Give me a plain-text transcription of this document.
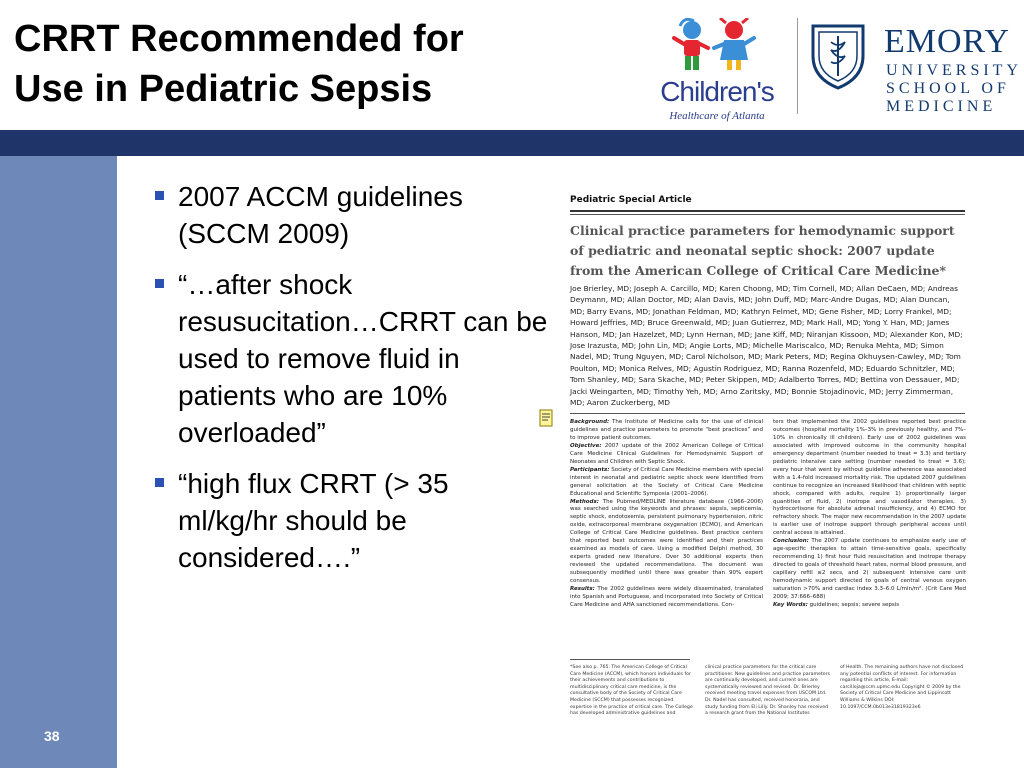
CRRT Recommended for
Use in Pediatric Sepsis	Children's
Healthcare of Atlanta
EMORY
UNIVERSITY
SCHOOL OF
MEDICINE
38
2007 ACCM guidelines (SCCM 2009)
“…after shock resusucitation…CRRT can be used to remove fluid in patients who are 10% overloaded”
“high flux CRRT (> 35 ml/kg/hr should be considered….”
Pediatric Special Article
Clinical practice parameters for hemodynamic support of pediatric and neonatal septic shock: 2007 update from the American College of Critical Care Medicine*
Joe Brierley, MD; Joseph A. Carcillo, MD; Karen Choong, MD; Tim Cornell, MD; Allan DeCaen, MD; Andreas Deymann, MD; Allan Doctor, MD; Alan Davis, MD; John Duff, MD; Marc-Andre Dugas, MD; Alan Duncan, MD; Barry Evans, MD; Jonathan Feldman, MD; Kathryn Felmet, MD; Gene Fisher, MD; Lorry Frankel, MD; Howard Jeffries, MD; Bruce Greenwald, MD; Juan Gutierrez, MD; Mark Hall, MD; Yong Y. Han, MD; James Hanson, MD; Jan Hazelzet, MD; Lynn Hernan, MD; Jane Kiff, MD; Niranjan Kissoon, MD; Alexander Kon, MD; Jose Irazusta, MD; John Lin, MD; Angie Lorts, MD; Michelle Mariscalco, MD; Renuka Mehta, MD; Simon Nadel, MD; Trung Nguyen, MD; Carol Nicholson, MD; Mark Peters, MD; Regina Okhuysen-Cawley, MD; Tom Poulton, MD; Monica Relves, MD; Agustin Rodriguez, MD; Ranna Rozenfeld, MD; Eduardo Schnitzler, MD; Tom Shanley, MD; Sara Skache, MD; Peter Skippen, MD; Adalberto Torres, MD; Bettina von Dessauer, MD; Jacki Weingarten, MD; Timothy Yeh, MD; Arno Zaritsky, MD; Bonnie Stojadinovic, MD; Jerry Zimmerman, MD; Aaron Zuckerberg, MD
Background: The Institute of Medicine calls for the use of clinical guidelines and practice parameters to promote “best practices” and to improve patient outcomes.
Objective: 2007 update of the 2002 American College of Critical Care Medicine Clinical Guidelines for Hemodynamic Support of Neonates and Children with Septic Shock.
Participants: Society of Critical Care Medicine members with special interest in neonatal and pediatric septic shock were identified from general solicitation at the Society of Critical Care Medicine Educational and Scientific Symposia (2001–2006).
Methods: The Pubmed/MEDLINE literature database (1966–2006) was searched using the keywords and phrases: sepsis, septicemia, septic shock, endotoxemia, persistent pulmonary hypertension, nitric oxide, extracorporeal membrane oxygenation (ECMO), and American College of Critical Care Medicine guidelines. Best practice centers that reported best outcomes were identified and their practices examined as models of care. Using a modified Delphi method, 30 experts graded new literature. Over 30 additional experts then reviewed the updated recommendations. The document was subsequently modified until there was greater than 90% expert consensus.
Results: The 2002 guidelines were widely disseminated, translated into Spanish and Portuguese, and incorporated into Society of Critical Care Medicine and AHA sanctioned recommendations. Con-
ters that implemented the 2002 guidelines reported best practice outcomes (hospital mortality 1%–3% in previously healthy, and 7%–10% in chronically ill children). Early use of 2002 guidelines was associated with improved outcome in the community hospital emergency department (number needed to treat = 3.3) and tertiary pediatric intensive care setting (number needed to treat = 3.6); every hour that went by without guideline adherence was associated with a 1.4-fold increased mortality risk. The updated 2007 guidelines continue to recognize an increased likelihood that children with septic shock, compared with adults, require 1) proportionally larger quantities of fluid, 2) inotrope and vasodilator therapies, 3) hydrocortisone for absolute adrenal insufficiency, and 4) ECMO for refractory shock. The major new recommendation in the 2007 update is earlier use of inotrope support through peripheral access until central access is attained.
Conclusion: The 2007 update continues to emphasize early use of age-specific therapies to attain time-sensitive goals, specifically recommending 1) first hour fluid resuscitation and inotrope therapy directed to goals of threshold heart rates, normal blood pressure, and capillary refill ≤2 secs, and 2) subsequent intensive care unit hemodynamic support directed to goals of central venous oxygen saturation >70% and cardiac index 3.3–6.0 L/min/m². (Crit Care Med 2009; 37:666–688)
Key Words: guidelines; sepsis; severe sepsis
*See also p. 765. The American College of Critical Care Medicine (ACCM), which honors individuals for their achievements and contributions to multidisciplinary critical care medicine, is the consultative body of the Society of Critical Care Medicine (SCCM) that possesses recognized expertise in the practice of critical care. The College has developed administrative guidelines and
clinical practice parameters for the critical care practitioner. New guidelines and practice parameters are continually developed, and current ones are systematically reviewed and revised. Dr. Brierley received meeting travel expenses from USCOM Ltd. Dr. Nadel has consulted, received honoraria, and study funding from Eli Lilly. Dr. Shanley has received a research grant from the National Institutes
of Health. The remaining authors have not disclosed any potential conflicts of interest. For information regarding this article, E-mail: carcilloja@ccm.upmc.edu Copyright © 2009 by the Society of Critical Care Medicine and Lippincott Williams & Wilkins DOI: 10.1097/CCM.0b013e31819323e6
